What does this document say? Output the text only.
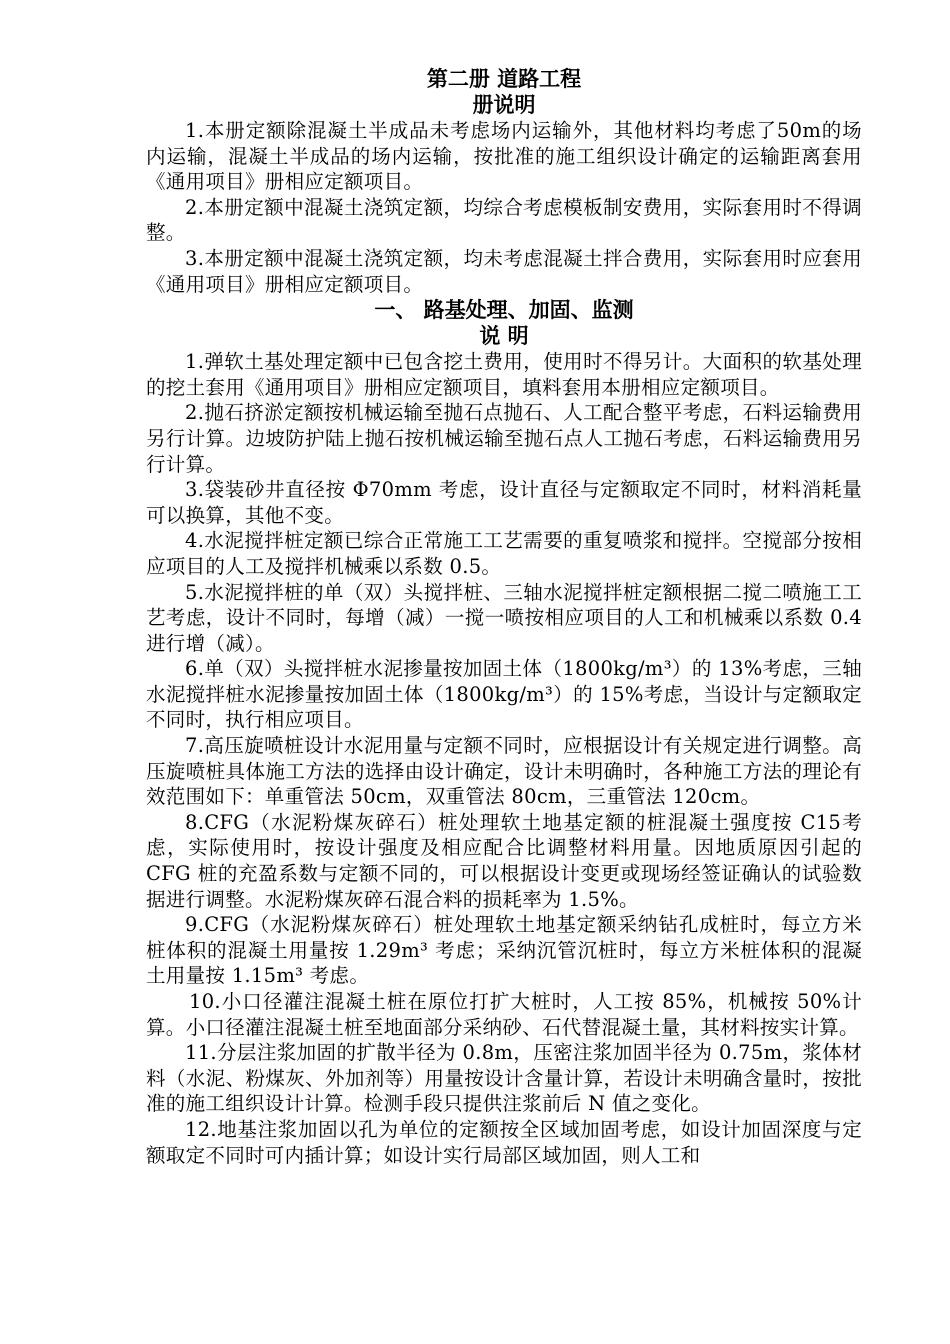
第二册 道路工程

册说明

1.本册定额除混凝土半成品未考虑场内运输外，其他材料均考虑了50m的场内运输，混凝土半成品的场内运输，按批准的施工组织设计确定的运输距离套用《通用项目》册相应定额项目。

2.本册定额中混凝土浇筑定额，均综合考虑模板制安费用，实际套用时不得调整。

3.本册定额中混凝土浇筑定额，均未考虑混凝土拌合费用，实际套用时应套用《通用项目》册相应定额项目。

一、 路基处理、加固、监测

说 明

1.弹软土基处理定额中已包含挖土费用，使用时不得另计。大面积的软基处理的挖土套用《通用项目》册相应定额项目，填料套用本册相应定额项目。

2.抛石挤淤定额按机械运输至抛石点抛石、人工配合整平考虑，石料运输费用另行计算。边坡防护陆上抛石按机械运输至抛石点人工抛石考虑，石料运输费用另行计算。

3.袋装砂井直径按 Φ70mm 考虑，设计直径与定额取定不同时，材料消耗量可以换算，其他不变。

4.水泥搅拌桩定额已综合正常施工工艺需要的重复喷浆和搅拌。空搅部分按相应项目的人工及搅拌机械乘以系数 0.5。

5.水泥搅拌桩的单（双）头搅拌桩、三轴水泥搅拌桩定额根据二搅二喷施工工艺考虑，设计不同时，每增（减）一搅一喷按相应项目的人工和机械乘以系数 0.4 进行增（减）。

6.单（双）头搅拌桩水泥掺量按加固土体（1800kg/m³）的 13%考虑，三轴水泥搅拌桩水泥掺量按加固土体（1800kg/m³）的 15%考虑，当设计与定额取定不同时，执行相应项目。

7.高压旋喷桩设计水泥用量与定额不同时，应根据设计有关规定进行调整。高压旋喷桩具体施工方法的选择由设计确定，设计未明确时，各种施工方法的理论有效范围如下：单重管法 50cm，双重管法 80cm，三重管法 120cm。

8.CFG（水泥粉煤灰碎石）桩处理软土地基定额的桩混凝土强度按 C15考虑，实际使用时，按设计强度及相应配合比调整材料用量。因地质原因引起的 CFG 桩的充盈系数与定额不同的，可以根据设计变更或现场经签证确认的试验数据进行调整。水泥粉煤灰碎石混合料的损耗率为 1.5%。

9.CFG（水泥粉煤灰碎石）桩处理软土地基定额采纳钻孔成桩时，每立方米桩体积的混凝土用量按 1.29m³ 考虑；采纳沉管沉桩时，每立方米桩体积的混凝土用量按 1.15m³ 考虑。

10.小口径灌注混凝土桩在原位打扩大桩时，人工按 85%，机械按 50%计算。小口径灌注混凝土桩至地面部分采纳砂、石代替混凝土量，其材料按实计算。

11.分层注浆加固的扩散半径为 0.8m，压密注浆加固半径为 0.75m，浆体材料（水泥、粉煤灰、外加剂等）用量按设计含量计算，若设计未明确含量时，按批准的施工组织设计计算。检测手段只提供注浆前后 N 值之变化。

12.地基注浆加固以孔为单位的定额按全区域加固考虑，如设计加固深度与定额取定不同时可内插计算；如设计实行局部区域加固，则人工和
